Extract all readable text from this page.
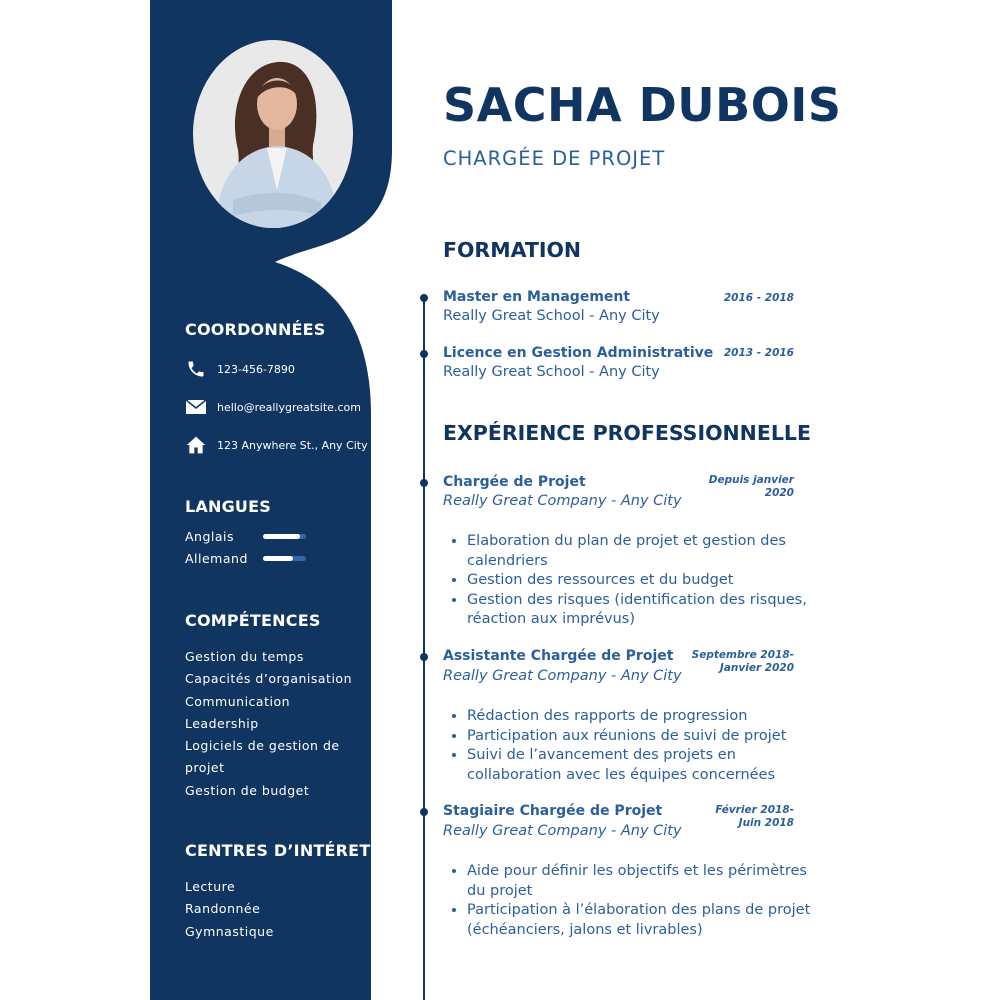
COORDONNÉES
123-456-7890
hello@reallygreatsite.com
123 Anywhere St., Any City
LANGUES
Anglais
Allemand
COMPÉTENCES
Gestion du temps
Capacités d’organisation
Communication
Leadership
Logiciels de gestion de
projet
Gestion de budget
CENTRES D’INTÉRET
Lecture
Randonnée
Gymnastique
SACHA DUBOIS
CHARGÉE DE PROJET
FORMATION
Master en Management	2016 - 2018
Really Great School - Any City
Licence en Gestion Administrative	2013 - 2016
Really Great School - Any City
EXPÉRIENCE PROFESSIONNELLE
Chargée de Projet	Depuis janvier
2020
Really Great Company - Any City
• Elaboration du plan de projet et gestion des calendriers
• Gestion des ressources et du budget
• Gestion des risques (identification des risques, réaction aux imprévus)
Assistante Chargée de Projet	Septembre 2018-
Janvier 2020
Really Great Company - Any City
• Rédaction des rapports de progression
• Participation aux réunions de suivi de projet
• Suivi de l’avancement des projets en collaboration avec les équipes concernées
Stagiaire Chargée de Projet	Février 2018-
Juin 2018
Really Great Company - Any City
• Aide pour définir les objectifs et les périmètres du projet
• Participation à l’élaboration des plans de projet (échéanciers, jalons et livrables)
